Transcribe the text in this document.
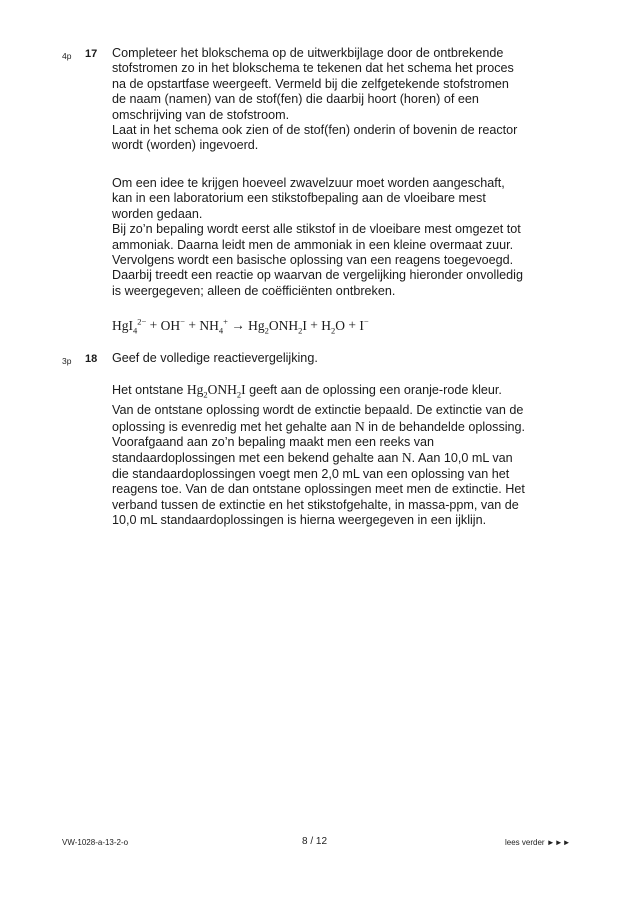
4p 17 Completeer het blokschema op de uitwerkbijlage door de ontbrekende
stofstromen zo in het blokschema te tekenen dat het schema het proces
na de opstartfase weergeeft. Vermeld bij die zelfgetekende stofstromen
de naam (namen) van de stof(fen) die daarbij hoort (horen) of een
omschrijving van de stofstroom.
Laat in het schema ook zien of de stof(fen) onderin of bovenin de reactor
wordt (worden) ingevoerd.
Om een idee te krijgen hoeveel zwavelzuur moet worden aangeschaft,
kan in een laboratorium een stikstofbepaling aan de vloeibare mest
worden gedaan.
Bij zo’n bepaling wordt eerst alle stikstof in de vloeibare mest omgezet tot
ammoniak. Daarna leidt men de ammoniak in een kleine overmaat zuur.
Vervolgens wordt een basische oplossing van een reagens toegevoegd.
Daarbij treedt een reactie op waarvan de vergelijking hieronder onvolledig
is weergegeven; alleen de coëfficiënten ontbreken.
$HgI_4^{2-} + OH^- + NH_4^+ \to Hg_2ONH_2I + H_2O + I^-$
3p 18 Geef de volledige reactievergelijking.
Het ontstane $Hg_2ONH_2I$ geeft aan de oplossing een oranje-rode kleur.
Van de ontstane oplossing wordt de extinctie bepaald. De extinctie van de
oplossing is evenredig met het gehalte aan N in de behandelde oplossing.
Voorafgaand aan zo’n bepaling maakt men een reeks van
standaardoplossingen met een bekend gehalte aan N. Aan 10,0 mL van
die standaardoplossingen voegt men 2,0 mL van een oplossing van het
reagens toe. Van de dan ontstane oplossingen meet men de extinctie. Het
verband tussen de extinctie en het stikstofgehalte, in massa-ppm, van de
10,0 mL standaardoplossingen is hierna weergegeven in een ijklijn.
VW-1028-a-13-2-o	8 / 12	lees verder ►►►
